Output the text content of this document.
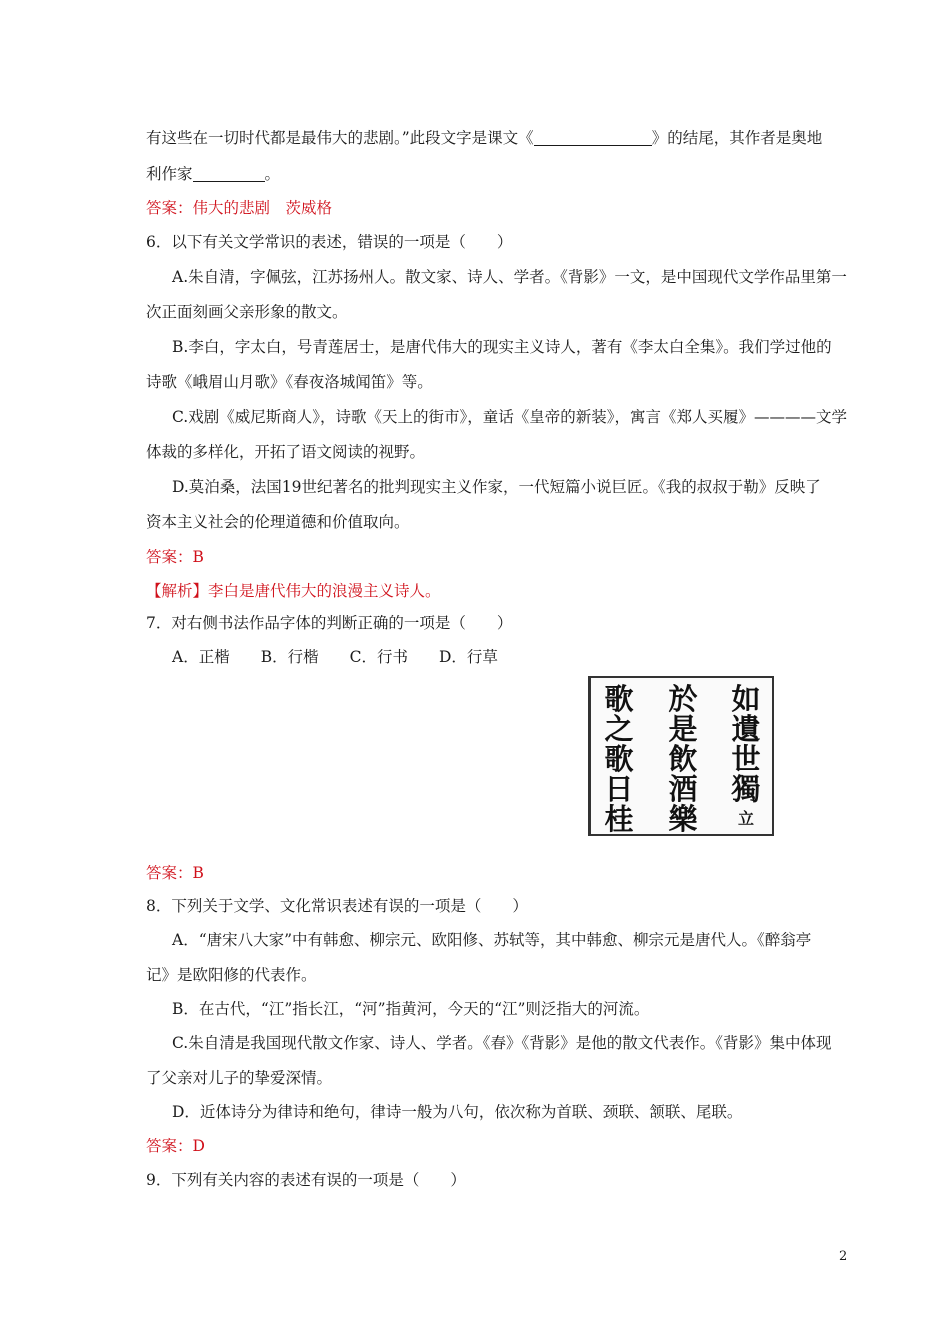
有这些在一切时代都是最伟大的悲剧。”此段文字是课文《	》的结尾，其作者是奥地
利作家	。
答案：伟大的悲剧　茨威格
6．以下有关文学常识的表述，错误的一项是（　　）
A.朱自清，字佩弦，江苏扬州人。散文家、诗人、学者。《背影》一文，是中国现代文学作品里第一
次正面刻画父亲形象的散文。
B.李白，字太白，号青莲居士，是唐代伟大的现实主义诗人，著有《李太白全集》。我们学过他的
诗歌《峨眉山月歌》《春夜洛城闻笛》等。
C.戏剧《威尼斯商人》，诗歌《天上的街市》，童话《皇帝的新装》，寓言《郑人买履》————文学
体裁的多样化，开拓了语文阅读的视野。
D.莫泊桑，法国19世纪著名的批判现实主义作家，一代短篇小说巨匠。《我的叔叔于勒》反映了
资本主义社会的伦理道德和价值取向。
答案：B
【解析】李白是唐代伟大的浪漫主义诗人。
7．对右侧书法作品字体的判断正确的一项是（　　）
A．正楷　　B．行楷　　C．行书　　D．行草
如
遺
世
獨
立
於
是
飲
酒
樂
歌
之
歌
日
桂
答案：B
8．下列关于文学、文化常识表述有误的一项是（　　）
A．“唐宋八大家”中有韩愈、柳宗元、欧阳修、苏轼等，其中韩愈、柳宗元是唐代人。《醉翁亭
记》是欧阳修的代表作。
B．在古代，“江”指长江，“河”指黄河，今天的“江”则泛指大的河流。
C.朱自清是我国现代散文作家、诗人、学者。《春》《背影》是他的散文代表作。《背影》集中体现
了父亲对儿子的挚爱深情。
D．近体诗分为律诗和绝句，律诗一般为八句，依次称为首联、颈联、颔联、尾联。
答案：D
9．下列有关内容的表述有误的一项是（　　）
2
